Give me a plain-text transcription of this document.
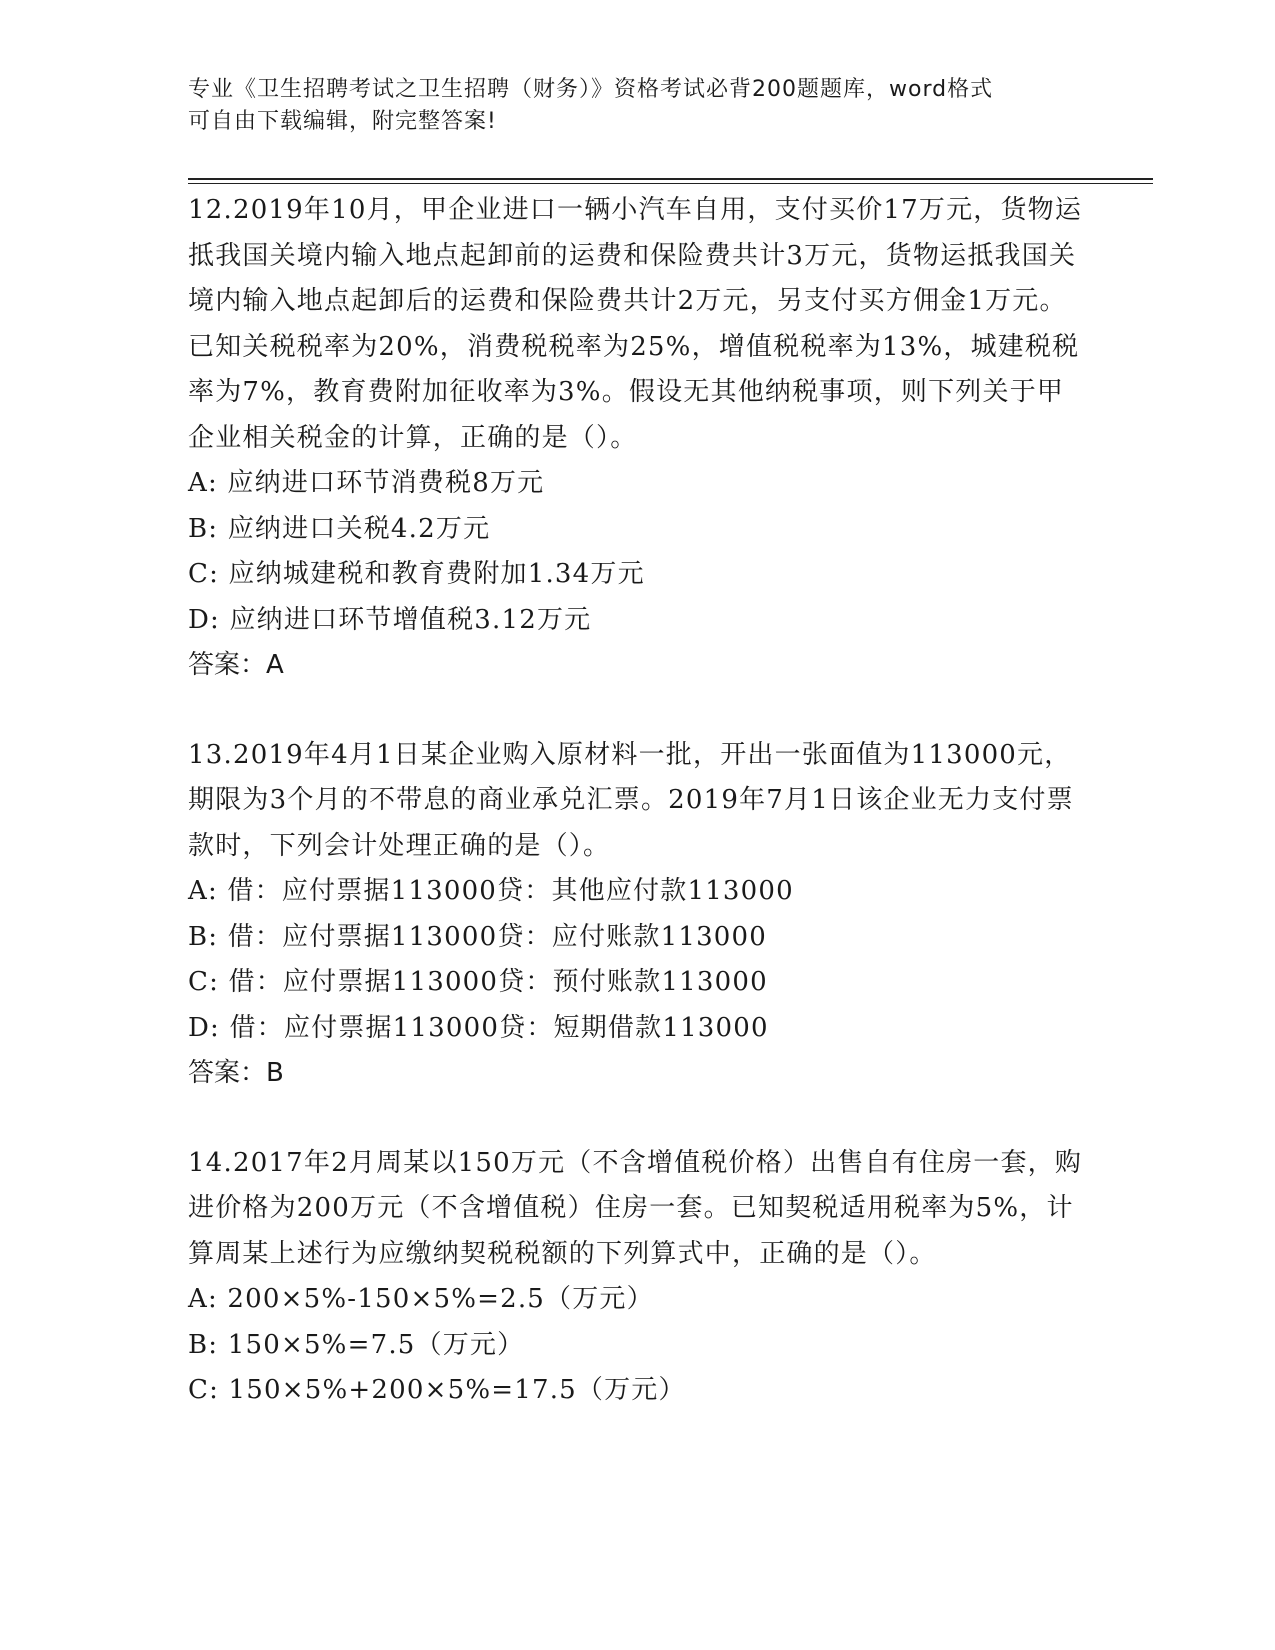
专业《卫生招聘考试之卫生招聘（财务）》资格考试必背200题题库，word格式
可自由下载编辑，附完整答案!

12.2019年10月，甲企业进口一辆小汽车自用，支付买价17万元，货物运抵我国关境内输入地点起卸前的运费和保险费共计3万元，货物运抵我国关境内输入地点起卸后的运费和保险费共计2万元，另支付买方佣金1万元。已知关税税率为20%，消费税税率为25%，增值税税率为13%，城建税税率为7%，教育费附加征收率为3%。假设无其他纳税事项，则下列关于甲企业相关税金的计算，正确的是（）。

A: 应纳进口环节消费税8万元
B: 应纳进口关税4.2万元
C: 应纳城建税和教育费附加1.34万元
D: 应纳进口环节增值税3.12万元
答案：A

13.2019年4月1日某企业购入原材料一批，开出一张面值为113000元，期限为3个月的不带息的商业承兑汇票。2019年7月1日该企业无力支付票款时，下列会计处理正确的是（）。

A: 借：应付票据113000贷：其他应付款113000
B: 借：应付票据113000贷：应付账款113000
C: 借：应付票据113000贷：预付账款113000
D: 借：应付票据113000贷：短期借款113000
答案：B

14.2017年2月周某以150万元（不含增值税价格）出售自有住房一套，购进价格为200万元（不含增值税）住房一套。已知契税适用税率为5%，计算周某上述行为应缴纳契税税额的下列算式中，正确的是（）。

A: 200×5%-150×5%=2.5（万元）
B: 150×5%=7.5（万元）
C: 150×5%+200×5%=17.5（万元）
